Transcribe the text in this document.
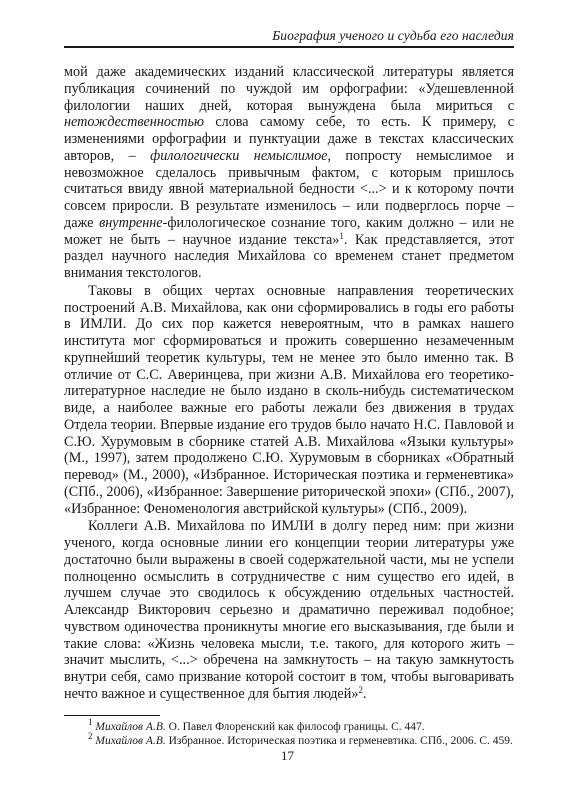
Биография ученого и судьба его наследия

мой даже академических изданий классической литературы является публикация сочинений по чуждой им орфографии: «Удешевленной филологии наших дней, которая вынуждена была мириться с нетождественностью слова самому себе, то есть. К примеру, с изменениями орфографии и пунктуации даже в текстах классических авторов, – филологически немыслимое, попросту немыслимое и невозможное сделалось привычным фактом, с которым пришлось считаться ввиду явной материальной бедности <...> и к которому почти совсем приросли. В результате изменилось – или подверглось порче – даже внутренне-филологическое сознание того, каким должно – или не может не быть – научное издание текста»$^1$. Как представляется, этот раздел научного наследия Михайлова со временем станет предметом внимания текстологов.

Таковы в общих чертах основные направления теоретических построений А.В. Михайлова, как они сформировались в годы его работы в ИМЛИ. До сих пор кажется невероятным, что в рамках нашего института мог сформироваться и прожить совершенно незамеченным крупнейший теоретик культуры, тем не менее это было именно так. В отличие от С.С. Аверинцева, при жизни А.В. Михайлова его теоретико-литературное наследие не было издано в сколь-нибудь систематическом виде, а наиболее важные его работы лежали без движения в трудах Отдела теории. Впервые издание его трудов было начато Н.С. Павловой и С.Ю. Хурумовым в сборнике статей А.В. Михайлова «Языки культуры» (М., 1997), затем продолжено С.Ю. Хурумовым в сборниках «Обратный перевод» (М., 2000), «Избранное. Историческая поэтика и герменевтика» (СПб., 2006), «Избранное: Завершение риторической эпохи» (СПб., 2007), «Избранное: Феноменология австрийской культуры» (СПб., 2009).

Коллеги А.В. Михайлова по ИМЛИ в долгу перед ним: при жизни ученого, когда основные линии его концепции теории литературы уже достаточно были выражены в своей содержательной части, мы не успели полноценно осмыслить в сотрудничестве с ним существо его идей, в лучшем случае это сводилось к обсуждению отдельных частностей. Александр Викторович серьезно и драматично переживал подобное; чувством одиночества проникнуты многие его высказывания, где были и такие слова: «Жизнь человека мысли, т.е. такого, для которого жить – значит мыслить, <...> обречена на замкнутость – на такую замкнутость внутри себя, само призвание которой состоит в том, чтобы выговаривать нечто важное и существенное для бытия людей»$^2$.

$^1$ Михайлов А.В. О. Павел Флоренский как философ границы. С. 447.
$^2$ Михайлов А.В. Избранное. Историческая поэтика и герменевтика. СПб., 2006. С. 459.
17
